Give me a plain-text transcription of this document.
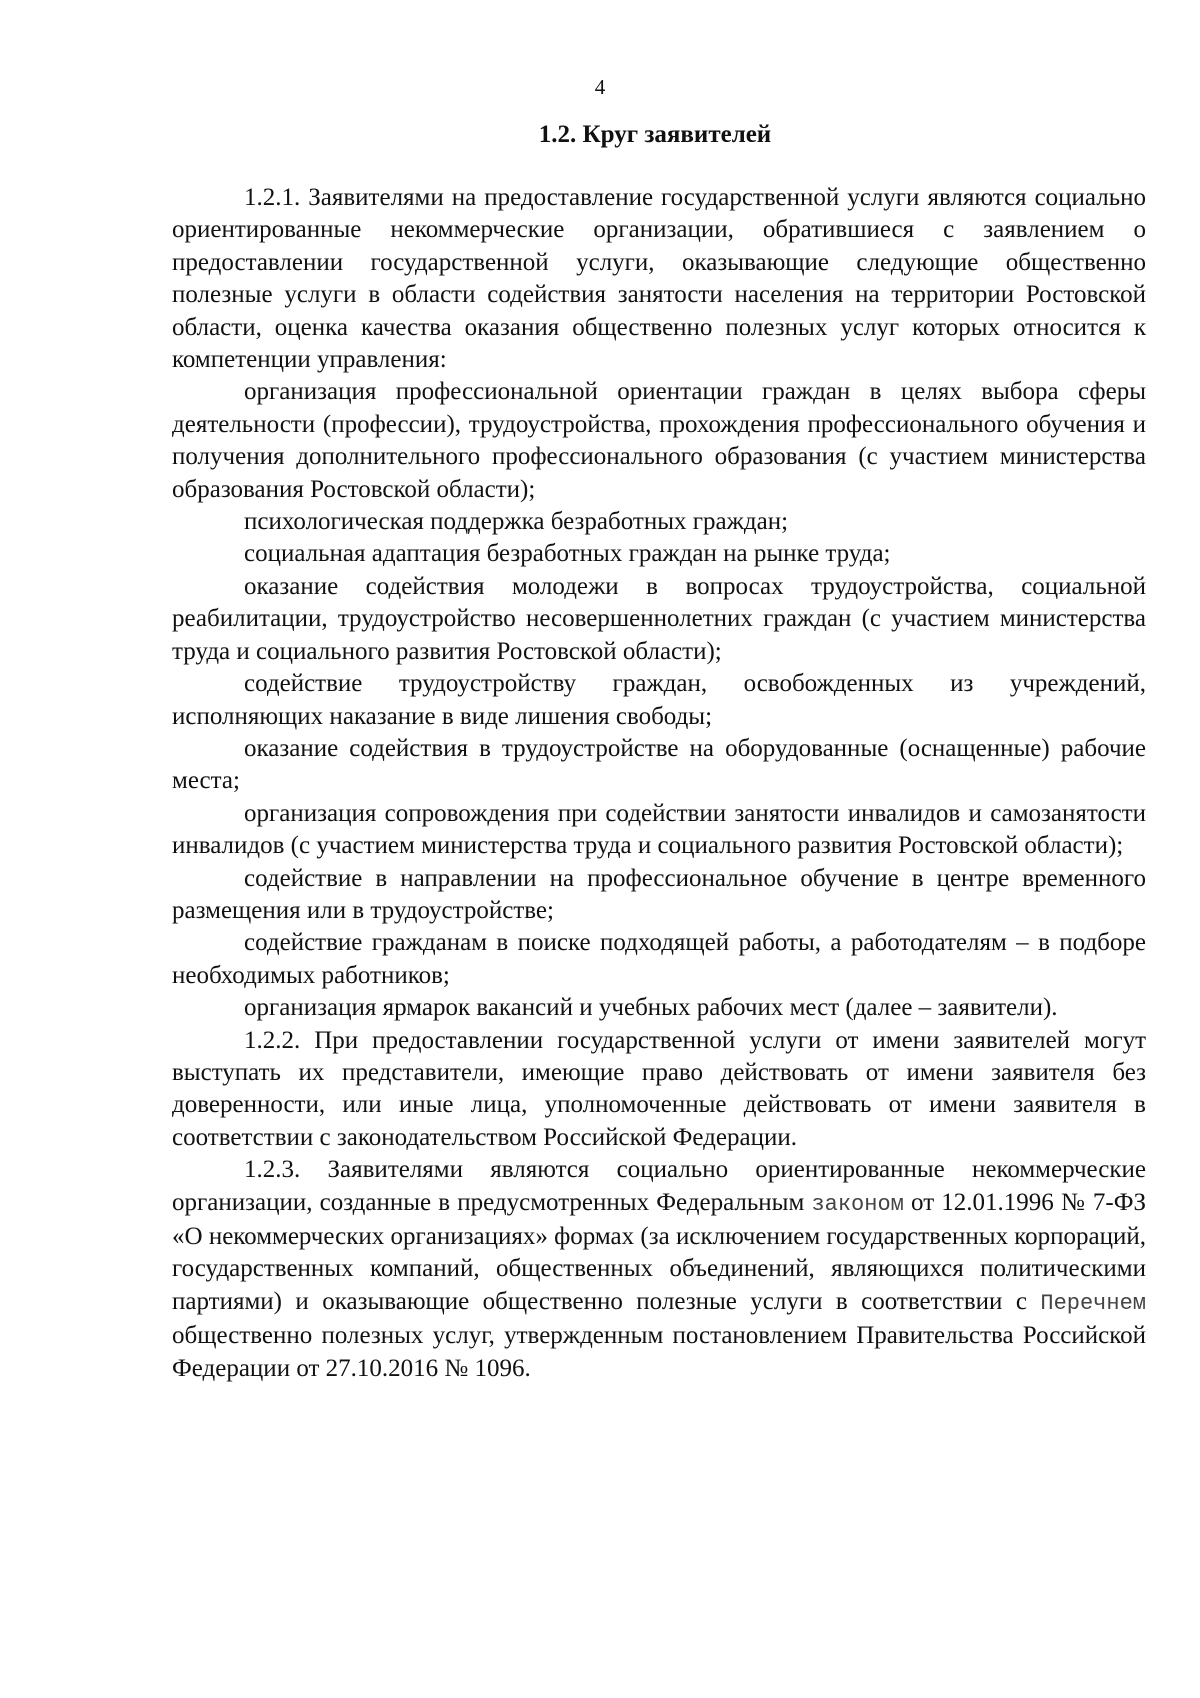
4
1.2. Круг заявителей

1.2.1. Заявителями на предоставление государственной услуги являются социально ориентированные некоммерческие организации, обратившиеся с заявлением о предоставлении государственной услуги, оказывающие следующие общественно полезные услуги в области содействия занятости населения на территории Ростовской области, оценка качества оказания общественно полезных услуг которых относится к компетенции управления:

организация профессиональной ориентации граждан в целях выбора сферы деятельности (профессии), трудоустройства, прохождения профессионального обучения и получения дополнительного профессионального образования (с участием министерства образования Ростовской области);

психологическая поддержка безработных граждан;

социальная адаптация безработных граждан на рынке труда;

оказание содействия молодежи в вопросах трудоустройства, социальной реабилитации, трудоустройство несовершеннолетних граждан (с участием министерства труда и социального развития Ростовской области);

содействие трудоустройству граждан, освобожденных из учреждений, исполняющих наказание в виде лишения свободы;

оказание содействия в трудоустройстве на оборудованные (оснащенные) рабочие места;

организация сопровождения при содействии занятости инвалидов и самозанятости инвалидов (с участием министерства труда и социального развития Ростовской области);

содействие в направлении на профессиональное обучение в центре временного размещения или в трудоустройстве;

содействие гражданам в поиске подходящей работы, а работодателям – в подборе необходимых работников;

организация ярмарок вакансий и учебных рабочих мест (далее – заявители).

1.2.2. При предоставлении государственной услуги от имени заявителей могут выступать их представители, имеющие право действовать от имени заявителя без доверенности, или иные лица, уполномоченные действовать от имени заявителя в соответствии с законодательством Российской Федерации.

1.2.3. Заявителями являются социально ориентированные некоммерческие организации, созданные в предусмотренных Федеральным законом от 12.01.1996 № 7-ФЗ «О некоммерческих организациях» формах (за исключением государственных корпораций, государственных компаний, общественных объединений, являющихся политическими партиями) и оказывающие общественно полезные услуги в соответствии с Перечнем общественно полезных услуг, утвержденным постановлением Правительства Российской Федерации от 27.10.2016 № 1096.
